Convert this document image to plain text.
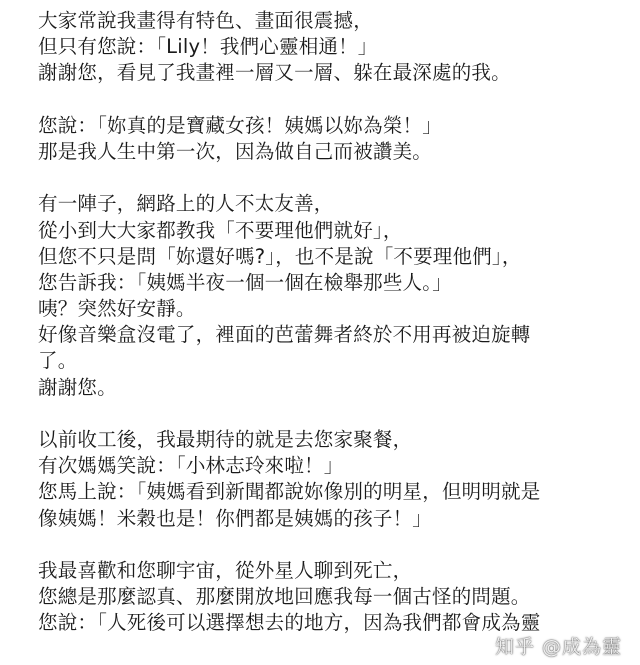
大家常說我畫得有特色、畫面很震撼，
但只有您說：「Lily！我們心靈相通！」
謝謝您，看見了我畫裡一層又一層、躲在最深處的我。
您說：「妳真的是寶藏女孩！姨媽以妳為榮！」
那是我人生中第一次，因為做自己而被讚美。
有一陣子，網路上的人不太友善，
從小到大大家都教我「不要理他們就好」，
但您不只是問「妳還好嗎?」，也不是說「不要理他們」，
您告訴我：「姨媽半夜一個一個在檢舉那些人。」
咦？突然好安靜。
好像音樂盒沒電了，裡面的芭蕾舞者終於不用再被迫旋轉
了。
謝謝您。
以前收工後，我最期待的就是去您家聚餐，
有次媽媽笑說：「小林志玲來啦！」
您馬上說：「姨媽看到新聞都說妳像別的明星，但明明就是
像姨媽！米穀也是！你們都是姨媽的孩子！」
我最喜歡和您聊宇宙，從外星人聊到死亡，
您總是那麼認真、那麼開放地回應我每一個古怪的問題。
您說：「人死後可以選擇想去的地方，因為我們都會成為靈
知乎 @成為靈
